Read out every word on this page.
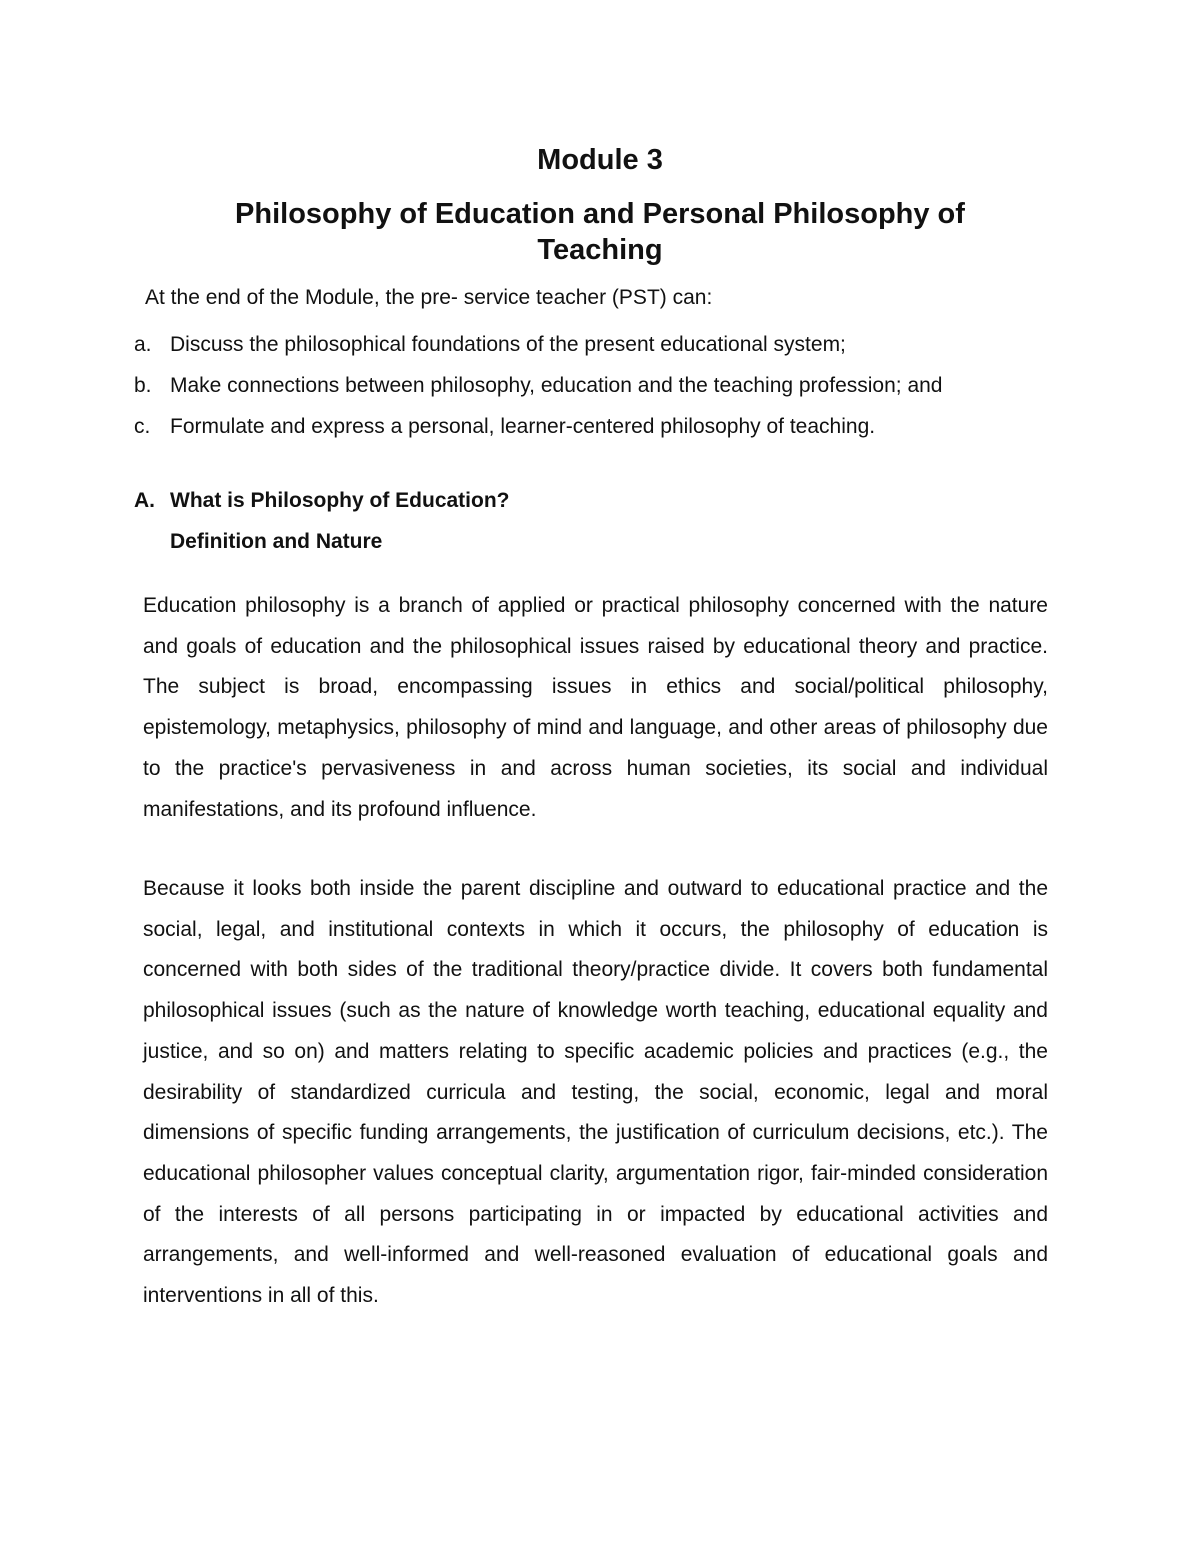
Module 3
Philosophy of Education and Personal Philosophy of Teaching

At the end of the Module, the pre- service teacher (PST) can:

a. Discuss the philosophical foundations of the present educational system;
b. Make connections between philosophy, education and the teaching profession; and
c. Formulate and express a personal, learner-centered philosophy of teaching.
A. What is Philosophy of Education?
Definition and Nature

Education philosophy is a branch of applied or practical philosophy concerned with the nature and goals of education and the philosophical issues raised by educational theory and practice. The subject is broad, encompassing issues in ethics and social/political philosophy, epistemology, metaphysics, philosophy of mind and language, and other areas of philosophy due to the practice's pervasiveness in and across human societies, its social and individual manifestations, and its profound influence.

Because it looks both inside the parent discipline and outward to educational practice and the social, legal, and institutional contexts in which it occurs, the philosophy of education is concerned with both sides of the traditional theory/practice divide. It covers both fundamental philosophical issues (such as the nature of knowledge worth teaching, educational equality and justice, and so on) and matters relating to specific academic policies and practices (e.g., the desirability of standardized curricula and testing, the social, economic, legal and moral dimensions of specific funding arrangements, the justification of curriculum decisions, etc.). The educational philosopher values conceptual clarity, argumentation rigor, fair-minded consideration of the interests of all persons participating in or impacted by educational activities and arrangements, and well-informed and well-reasoned evaluation of educational goals and interventions in all of this.
